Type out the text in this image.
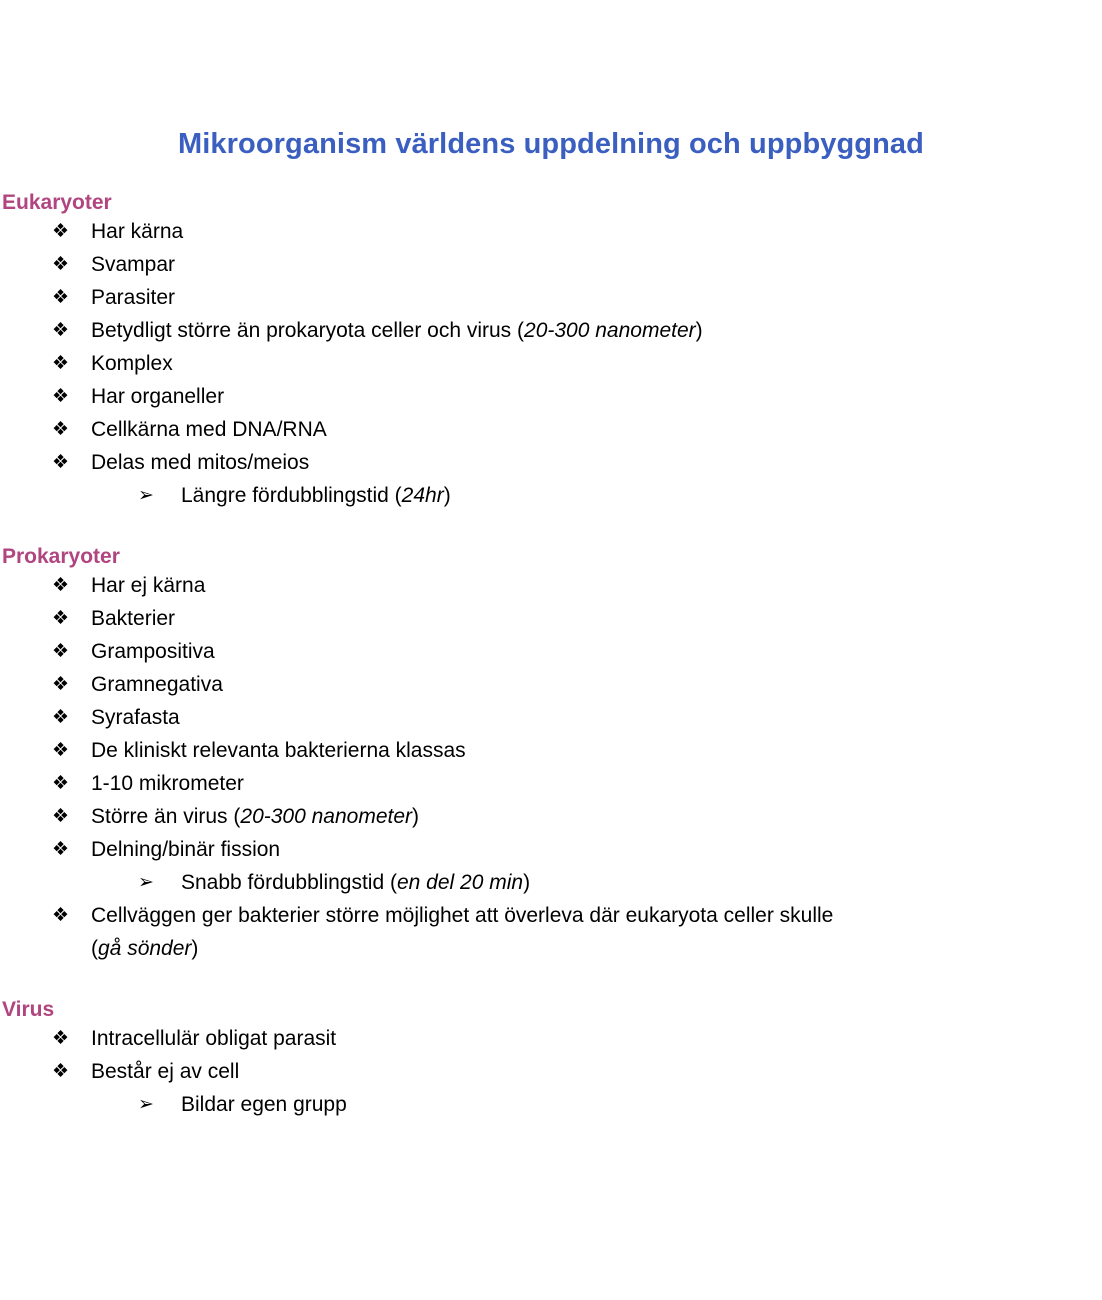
Mikroorganism världens uppdelning och uppbyggnad
Eukaryoter
❖ Har kärna
❖ Svampar
❖ Parasiter
❖ Betydligt större än prokaryota celler och virus (20-300 nanometer)
❖ Komplex
❖ Har organeller
❖ Cellkärna med DNA/RNA
❖ Delas med mitos/meios
➢ Längre fördubblingstid (24hr)
Prokaryoter
❖ Har ej kärna
❖ Bakterier
❖ Grampositiva
❖ Gramnegativa
❖ Syrafasta
❖ De kliniskt relevanta bakterierna klassas
❖ 1-10 mikrometer
❖ Större än virus (20-300 nanometer)
❖ Delning/binär fission
➢ Snabb fördubblingstid (en del 20 min)
❖ Cellväggen ger bakterier större möjlighet att överleva där eukaryota celler skulle
(gå sönder)
Virus
❖ Intracellulär obligat parasit
❖ Består ej av cell
➢ Bildar egen grupp
